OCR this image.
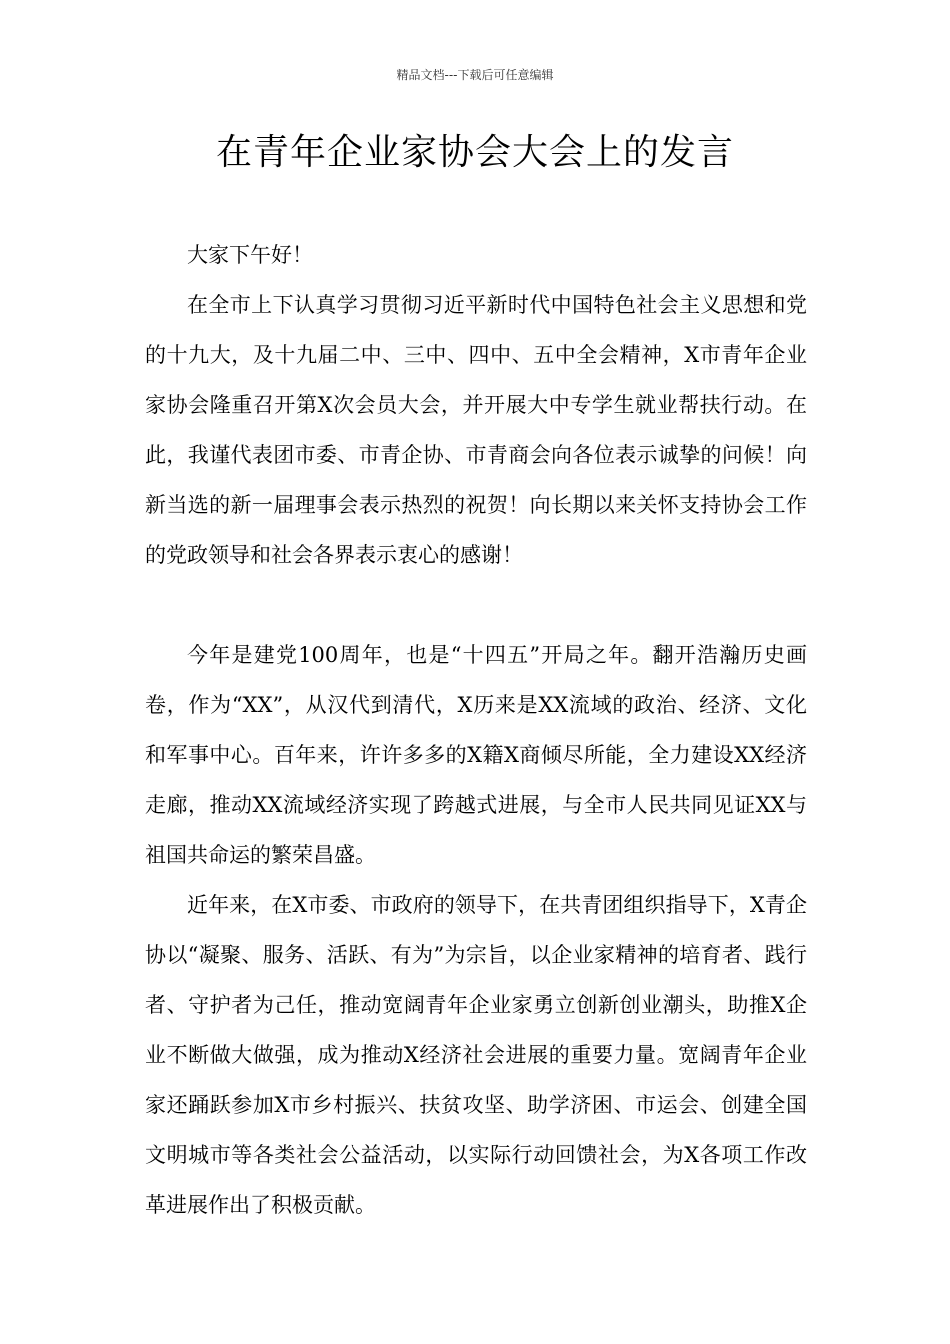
精品文档---下载后可任意编辑
在青年企业家协会大会上的发言

大家下午好！

在全市上下认真学习贯彻习近平新时代中国特色社会主义思想和党的十九大，及十九届二中、三中、四中、五中全会精神，X市青年企业家协会隆重召开第X次会员大会，并开展大中专学生就业帮扶行动。在此，我谨代表团市委、市青企协、市青商会向各位表示诚挚的问候！向新当选的新一届理事会表示热烈的祝贺！向长期以来关怀支持协会工作的党政领导和社会各界表示衷心的感谢！

今年是建党100周年，也是“十四五”开局之年。翻开浩瀚历史画卷，作为“XX”，从汉代到清代，X历来是XX流域的政治、经济、文化和军事中心。百年来，许许多多的X籍X商倾尽所能，全力建设XX经济走廊，推动XX流域经济实现了跨越式进展，与全市人民共同见证XX与祖国共命运的繁荣昌盛。

近年来，在X市委、市政府的领导下，在共青团组织指导下，X青企协以“凝聚、服务、活跃、有为”为宗旨，以企业家精神的培育者、践行者、守护者为己任，推动宽阔青年企业家勇立创新创业潮头，助推X企业不断做大做强，成为推动X经济社会进展的重要力量。宽阔青年企业家还踊跃参加X市乡村振兴、扶贫攻坚、助学济困、市运会、创建全国文明城市等各类社会公益活动，以实际行动回馈社会，为X各项工作改革进展作出了积极贡献。
